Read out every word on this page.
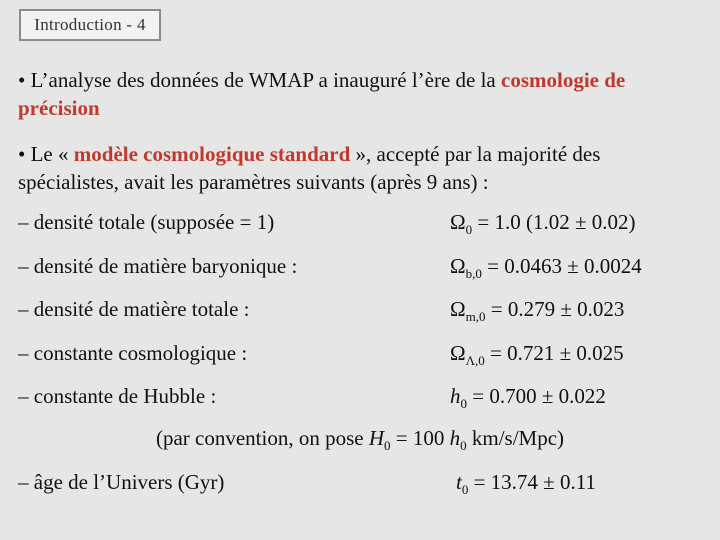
Introduction - 4
• L’analyse des données de WMAP a inauguré l’ère de la cosmologie de précision
• Le « modèle cosmologique standard », accepté par la majorité des spécialistes, avait les paramètres suivants (après 9 ans) :
– densité totale (supposée = 1)	$\Omega_0 = 1.0$ (1.02 ± 0.02)
– densité de matière baryonique :	$\Omega_{b,0} = 0.0463 \pm 0.0024$
– densité de matière totale :	$\Omega_{m,0} = 0.279 \pm 0.023$
– constante cosmologique :	$\Omega_{\Lambda,0} = 0.721 \pm 0.025$
– constante de Hubble :	$h_0 = 0.700 \pm 0.022$
(par convention, on pose $H_0 = 100$ $h_0$ km/s/Mpc)
– âge de l’Univers (Gyr)	$t_0 = 13.74 \pm 0.11$
